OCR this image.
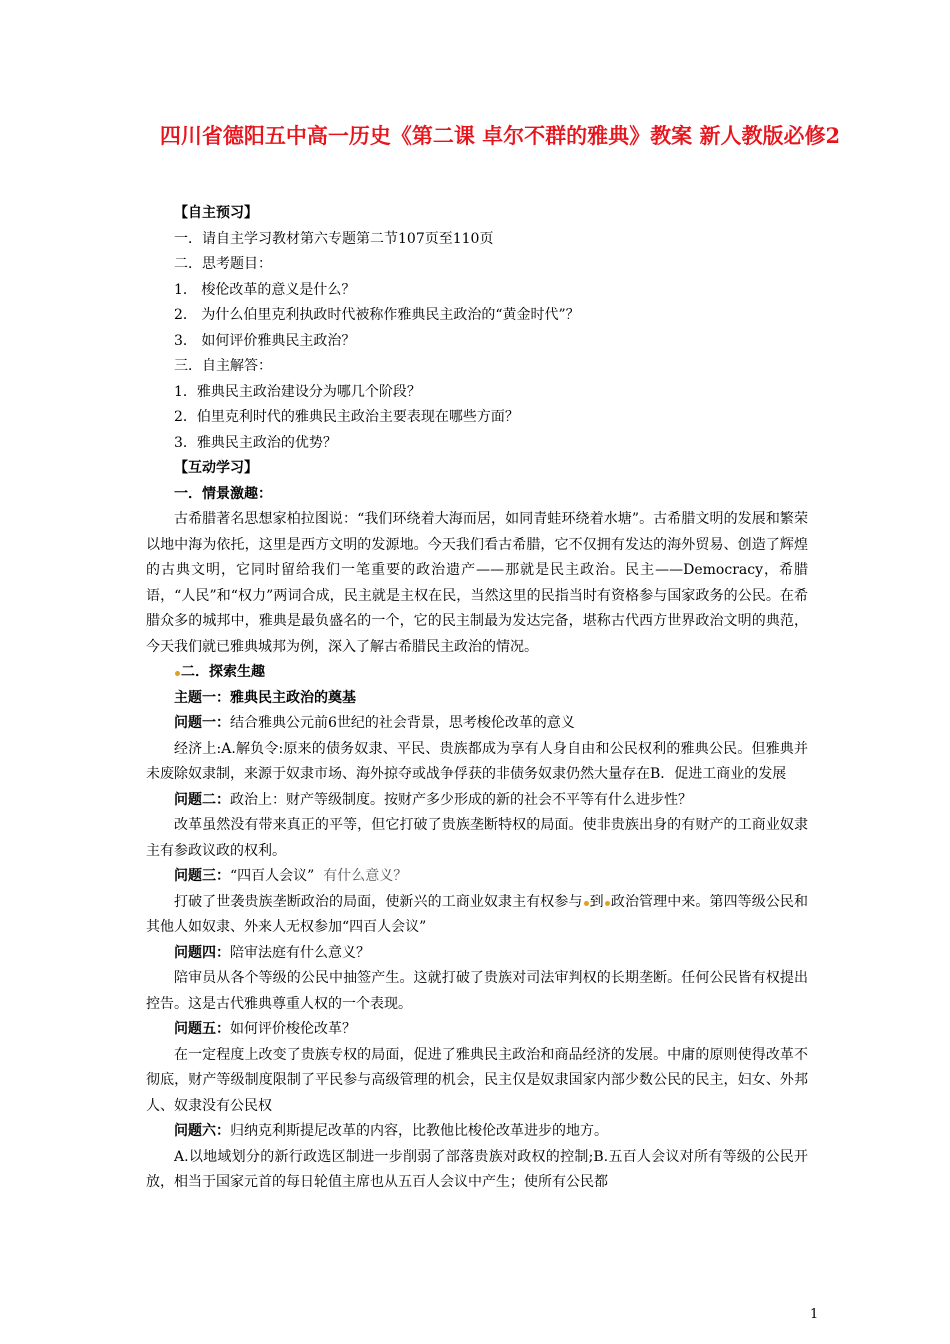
四川省德阳五中高一历史《第二课 卓尔不群的雅典》教案 新人教版必修2

【自主预习】

一．请自主学习教材第六专题第二节107页至110页

二．思考题目：

1． 梭伦改革的意义是什么？

2． 为什么伯里克利执政时代被称作雅典民主政治的“黄金时代”？

3． 如何评价雅典民主政治？

三．自主解答：

1．雅典民主政治建设分为哪几个阶段？

2．伯里克利时代的雅典民主政治主要表现在哪些方面？

3．雅典民主政治的优势？

【互动学习】

一．情景激趣：

古希腊著名思想家柏拉图说：“我们环绕着大海而居，如同青蛙环绕着水塘”。古希腊文明的发展和繁荣以地中海为依托，这里是西方文明的发源地。今天我们看古希腊，它不仅拥有发达的海外贸易、创造了辉煌的古典文明，它同时留给我们一笔重要的政治遗产——那就是民主政治。民主——Democracy，希腊语，“人民”和“权力”两词合成，民主就是主权在民，当然这里的民指当时有资格参与国家政务的公民。在希腊众多的城邦中，雅典是最负盛名的一个，它的民主制最为发达完备，堪称古代西方世界政治文明的典范，今天我们就已雅典城邦为例，深入了解古希腊民主政治的情况。

二．探索生趣

主题一：雅典民主政治的奠基

问题一：结合雅典公元前6世纪的社会背景，思考梭伦改革的意义

经济上:A.解负令:原来的债务奴隶、平民、贵族都成为享有人身自由和公民权利的雅典公民。但雅典并未废除奴隶制，来源于奴隶市场、海外掠夺或战争俘获的非债务奴隶仍然大量存在B．促进工商业的发展

问题二：政治上：财产等级制度。按财产多少形成的新的社会不平等有什么进步性？

改革虽然没有带来真正的平等，但它打破了贵族垄断特权的局面。使非贵族出身的有财产的工商业奴隶主有参政议政的权利。

问题三：“四百人会议” 有什么意义？

打破了世袭贵族垄断政治的局面，使新兴的工商业奴隶主有权参与 到 政治管理中来。第四等级公民和其他人如奴隶、外来人无权参加“四百人会议”

问题四：陪审法庭有什么意义？

陪审员从各个等级的公民中抽签产生。这就打破了贵族对司法审判权的长期垄断。任何公民皆有权提出控告。这是古代雅典尊重人权的一个表现。

问题五：如何评价梭伦改革？

在一定程度上改变了贵族专权的局面，促进了雅典民主政治和商品经济的发展。中庸的原则使得改革不彻底，财产等级制度限制了平民参与高级管理的机会，民主仅是奴隶国家内部少数公民的民主，妇女、外邦人、奴隶没有公民权

问题六：归纳克利斯提尼改革的内容，比教他比梭伦改革进步的地方。

A.以地域划分的新行政选区制进一步削弱了部落贵族对政权的控制;B.五百人会议对所有等级的公民开放，相当于国家元首的每日轮值主席也从五百人会议中产生；使所有公民都

1
